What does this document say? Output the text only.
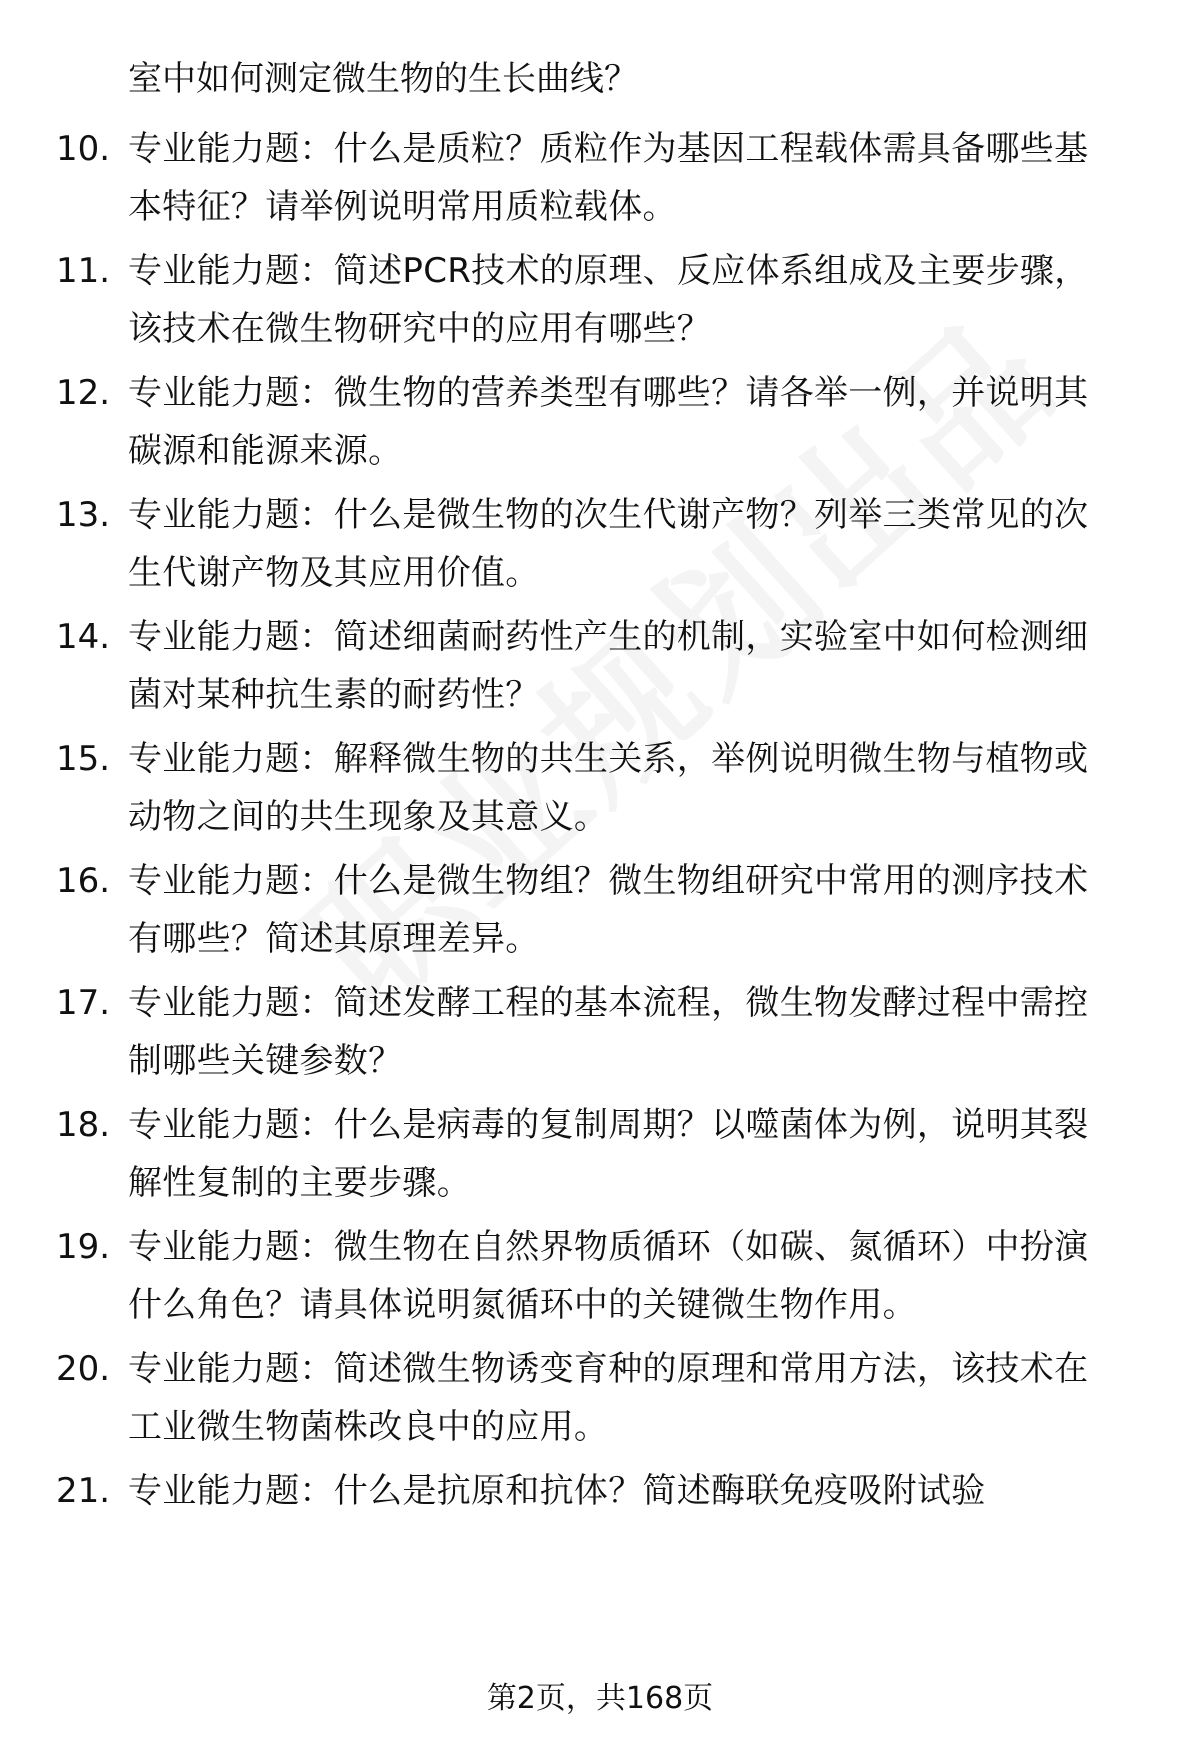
室中如何测定微生物的生长曲线？
10. 专业能力题：什么是质粒？质粒作为基因工程载体需具备哪些基
本特征？请举例说明常用质粒载体。
11. 专业能力题：简述PCR技术的原理、反应体系组成及主要步骤，
该技术在微生物研究中的应用有哪些？
12. 专业能力题：微生物的营养类型有哪些？请各举一例，并说明其
碳源和能源来源。
13. 专业能力题：什么是微生物的次生代谢产物？列举三类常见的次
生代谢产物及其应用价值。
14. 专业能力题：简述细菌耐药性产生的机制，实验室中如何检测细
菌对某种抗生素的耐药性？
15. 专业能力题：解释微生物的共生关系，举例说明微生物与植物或
动物之间的共生现象及其意义。
16. 专业能力题：什么是微生物组？微生物组研究中常用的测序技术
有哪些？简述其原理差异。
17. 专业能力题：简述发酵工程的基本流程，微生物发酵过程中需控
制哪些关键参数？
18. 专业能力题：什么是病毒的复制周期？以噬菌体为例，说明其裂
解性复制的主要步骤。
19. 专业能力题：微生物在自然界物质循环（如碳、氮循环）中扮演
什么角色？请具体说明氮循环中的关键微生物作用。
20. 专业能力题：简述微生物诱变育种的原理和常用方法，该技术在
工业微生物菌株改良中的应用。
21. 专业能力题：什么是抗原和抗体？简述酶联免疫吸附试验
第2页，共168页
